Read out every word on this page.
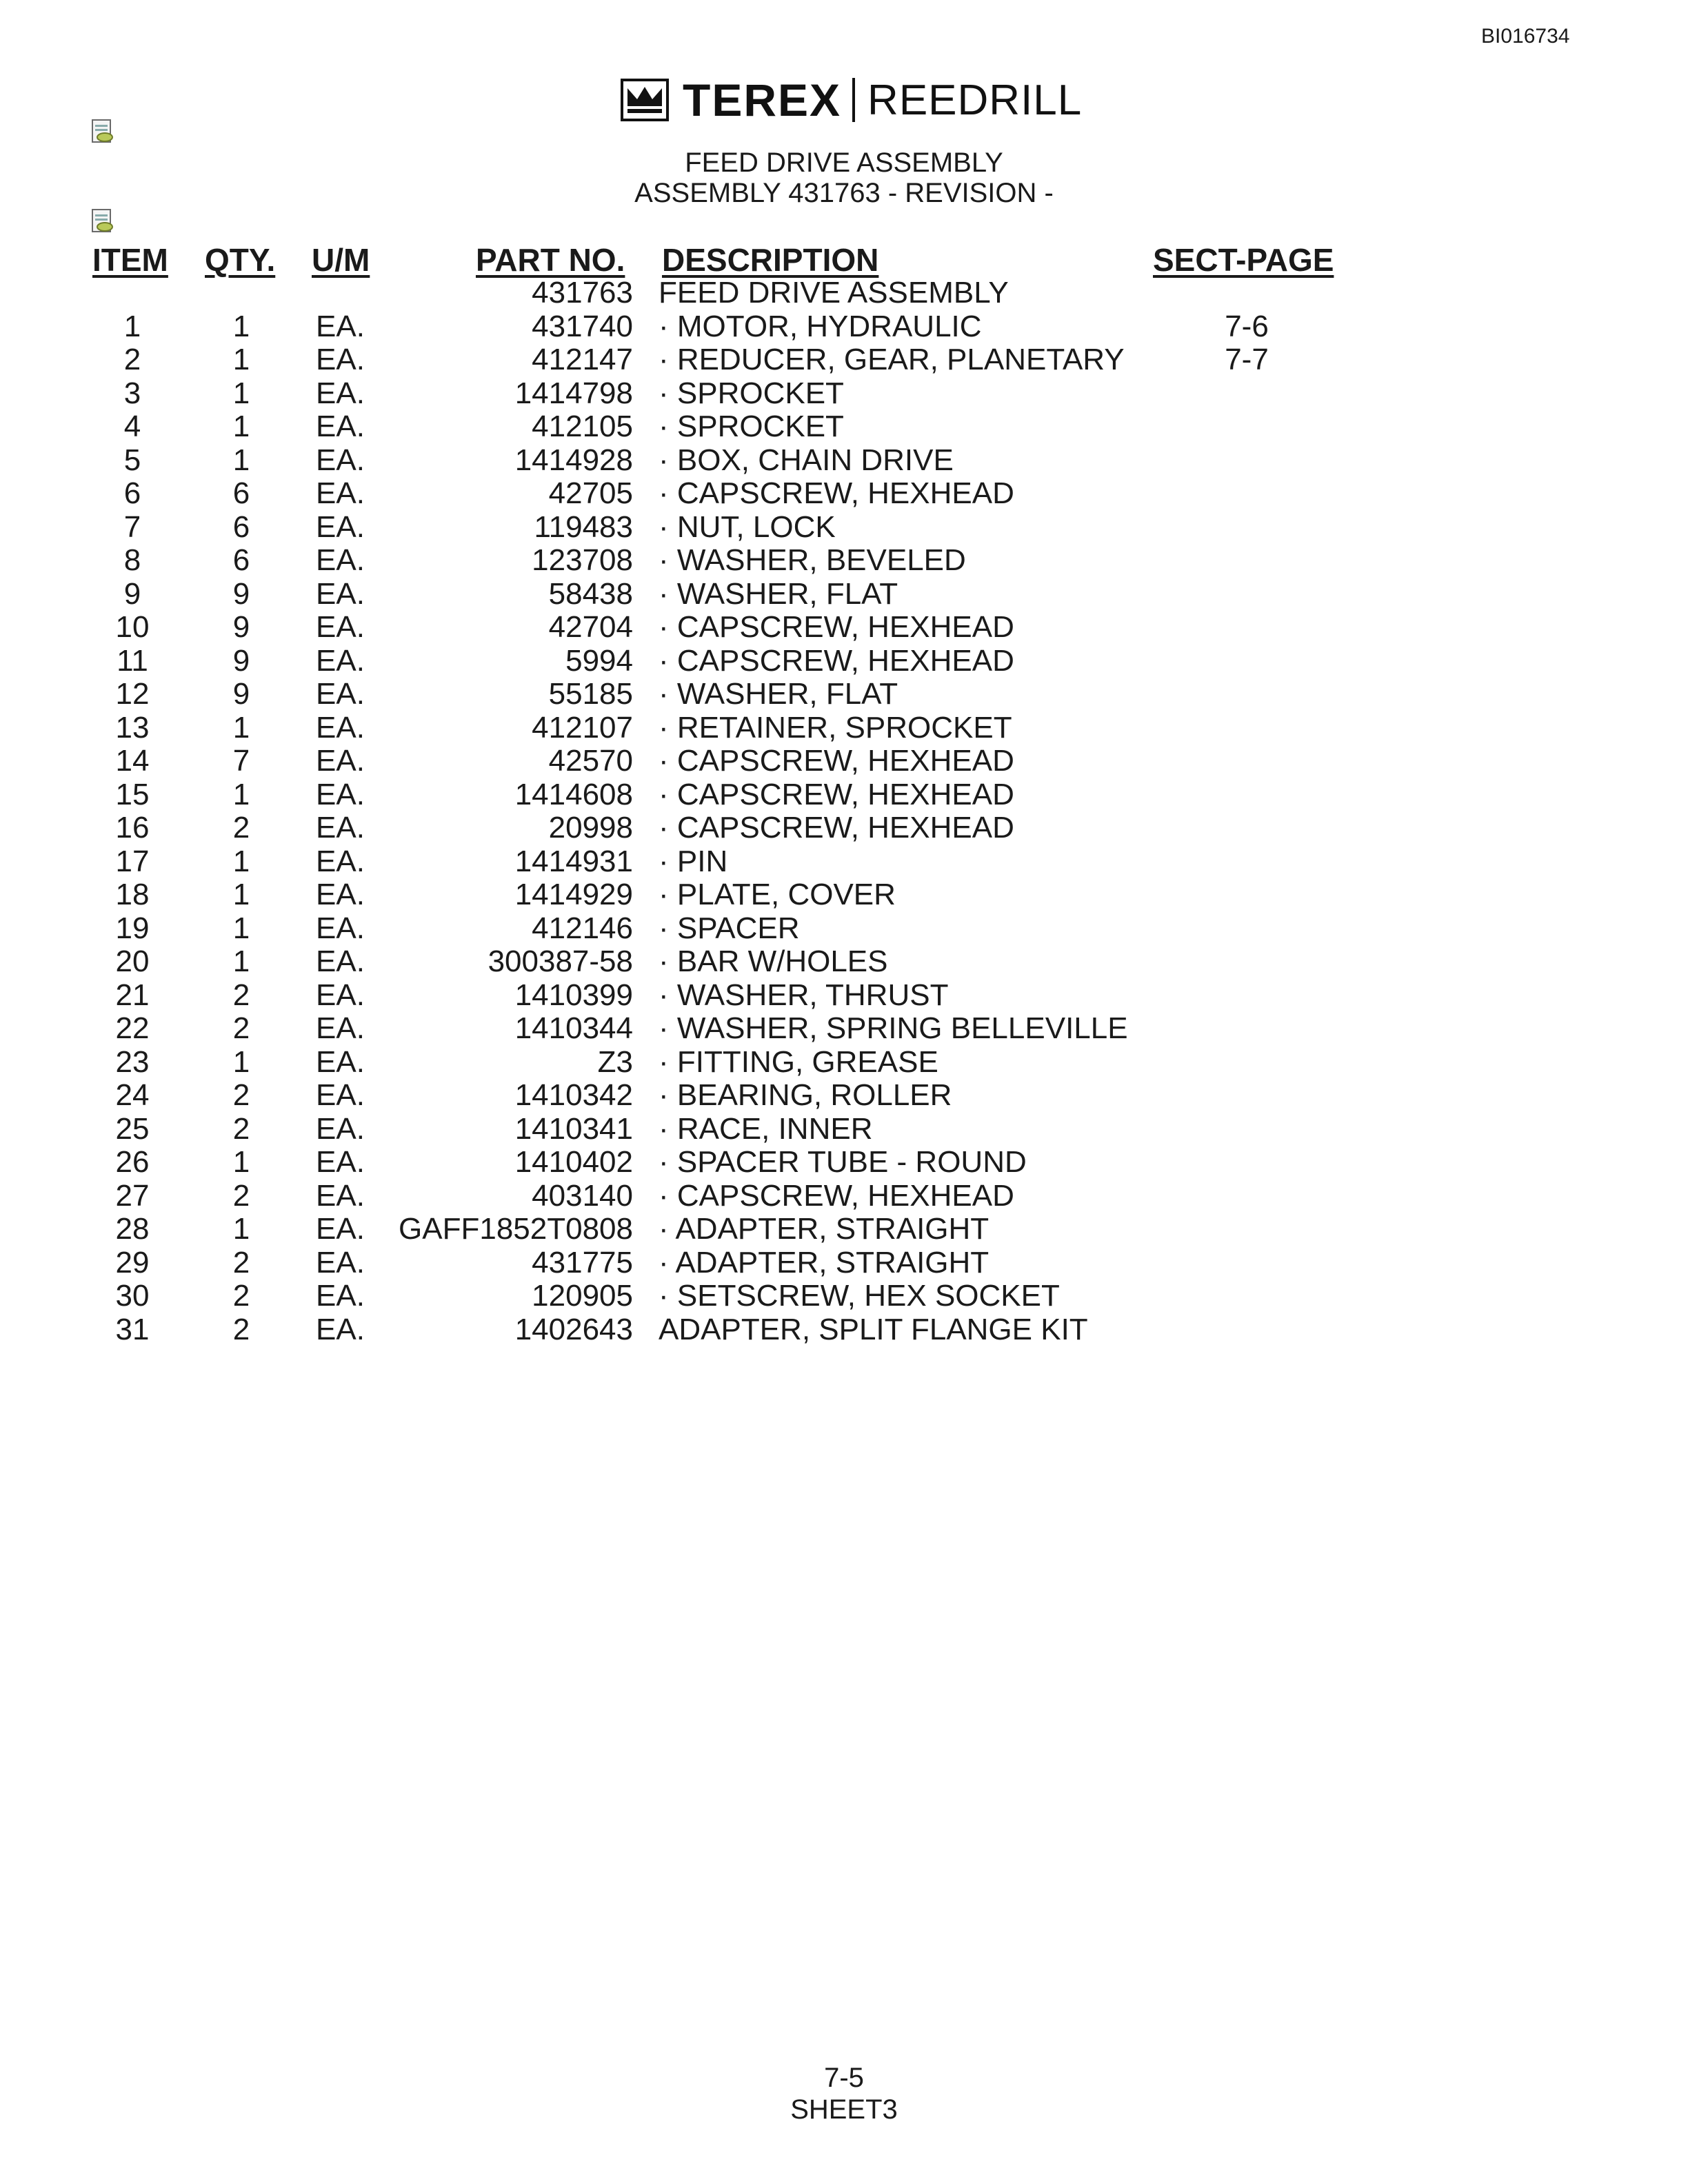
BI016734
TEREX REEDRILL
FEED DRIVE ASSEMBLY
ASSEMBLY 431763 - REVISION -
ITEM QTY. U/M	PART NO. DESCRIPTION	SECT-PAGE
431763 FEED DRIVE ASSEMBLY
1	1	EA.	431740 · MOTOR, HYDRAULIC	7-6
2	1	EA.	412147 · REDUCER, GEAR, PLANETARY	7-7
3	1	EA.	1414798 · SPROCKET
4	1	EA.	412105 · SPROCKET
5	1	EA.	1414928 · BOX, CHAIN DRIVE
6	6	EA.	42705 · CAPSCREW, HEXHEAD
7	6	EA.	119483 · NUT, LOCK
8	6	EA.	123708 · WASHER, BEVELED
9	9	EA.	58438 · WASHER, FLAT
10	9	EA.	42704 · CAPSCREW, HEXHEAD
11	9	EA.	5994 · CAPSCREW, HEXHEAD
12	9	EA.	55185 · WASHER, FLAT
13	1	EA.	412107 · RETAINER, SPROCKET
14	7	EA.	42570 · CAPSCREW, HEXHEAD
15	1	EA.	1414608 · CAPSCREW, HEXHEAD
16	2	EA.	20998 · CAPSCREW, HEXHEAD
17	1	EA.	1414931 · PIN
18	1	EA.	1414929 · PLATE, COVER
19	1	EA.	412146 · SPACER
20	1	EA.	300387-58 · BAR W/HOLES
21	2	EA.	1410399 · WASHER, THRUST
22	2	EA.	1410344 · WASHER, SPRING BELLEVILLE
23	1	EA.	Z3 · FITTING, GREASE
24	2	EA.	1410342 · BEARING, ROLLER
25	2	EA.	1410341 · RACE, INNER
26	1	EA.	1410402 · SPACER TUBE - ROUND
27	2	EA.	403140 · CAPSCREW, HEXHEAD
28	1	EA. GAFF1852T0808 · ADAPTER, STRAIGHT
29	2	EA.	431775 · ADAPTER, STRAIGHT
30	2	EA.	120905 · SETSCREW, HEX SOCKET
31	2	EA.	1402643 ADAPTER, SPLIT FLANGE KIT
7-5
SHEET3
